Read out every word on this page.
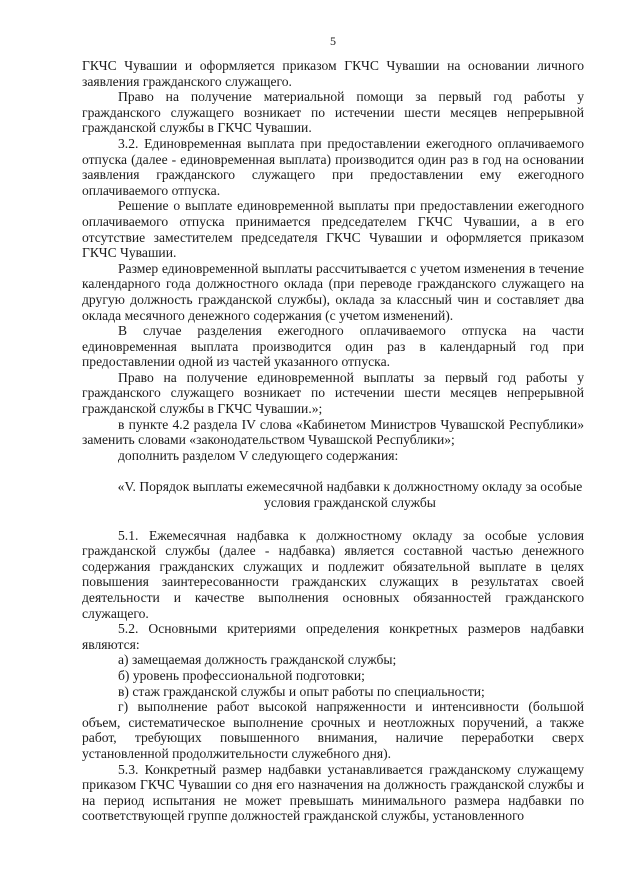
5

ГКЧС Чувашии и оформляется приказом ГКЧС Чувашии на основании личного заявления гражданского служащего.

Право на получение материальной помощи за первый год работы у гражданского служащего возникает по истечении шести месяцев непрерывной гражданской службы в ГКЧС Чувашии.

3.2. Единовременная выплата при предоставлении ежегодного оплачиваемого отпуска (далее - единовременная выплата) производится один раз в год на основании заявления гражданского служащего при предоставлении ему ежегодного оплачиваемого отпуска.

Решение о выплате единовременной выплаты при предоставлении ежегодного оплачиваемого отпуска принимается председателем ГКЧС Чувашии, а в его отсутствие заместителем председателя ГКЧС Чувашии и оформляется приказом ГКЧС Чувашии.

Размер единовременной выплаты рассчитывается с учетом изменения в течение календарного года должностного оклада (при переводе гражданского служащего на другую должность гражданской службы), оклада за классный чин и составляет два оклада месячного денежного содержания (с учетом изменений).

В случае разделения ежегодного оплачиваемого отпуска на части единовременная выплата производится один раз в календарный год при предоставлении одной из частей указанного отпуска.

Право на получение единовременной выплаты за первый год работы у гражданского служащего возникает по истечении шести месяцев непрерывной гражданской службы в ГКЧС Чувашии.»;

в пункте 4.2 раздела IV слова «Кабинетом Министров Чувашской Республики» заменить словами «законодательством Чувашской Республики»;

дополнить разделом V следующего содержания:

«V. Порядок выплаты ежемесячной надбавки к должностному окладу за особые
условия гражданской службы

5.1. Ежемесячная надбавка к должностному окладу за особые условия гражданской службы (далее - надбавка) является составной частью денежного содержания гражданских служащих и подлежит обязательной выплате в целях повышения заинтересованности гражданских служащих в результатах своей деятельности и качестве выполнения основных обязанностей гражданского служащего.

5.2. Основными критериями определения конкретных размеров надбавки являются:

а) замещаемая должность гражданской службы;

б) уровень профессиональной подготовки;

в) стаж гражданской службы и опыт работы по специальности;

г) выполнение работ высокой напряженности и интенсивности (большой объем, систематическое выполнение срочных и неотложных поручений, а также работ, требующих повышенного внимания, наличие переработки сверх установленной продолжительности служебного дня).

5.3. Конкретный размер надбавки устанавливается гражданскому служащему приказом ГКЧС Чувашии со дня его назначения на должность гражданской службы и на период испытания не может превышать минимального размера надбавки по соответствующей группе должностей гражданской службы, установленного
